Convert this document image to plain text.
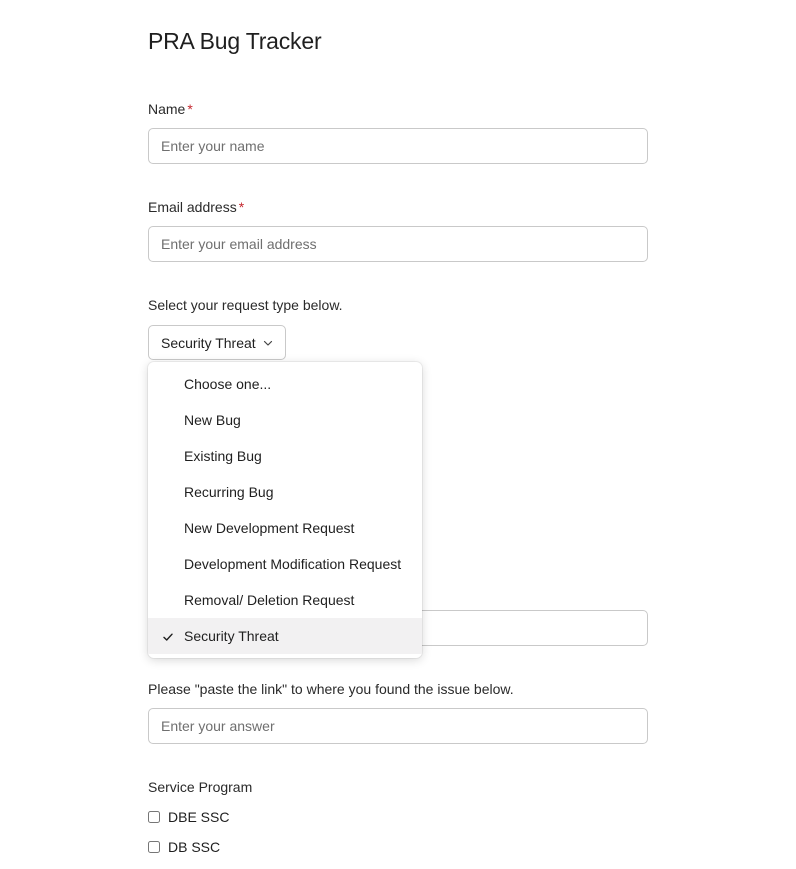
PRA Bug Tracker
Name *
Enter your name
Email address *
Enter your email address
Select your request type below.
Security Threat
Please "paste the link" to where you found the issue below.
Enter your answer
Service Program
DBE SSC
DB SSC
Choose one...
New Bug
Existing Bug
Recurring Bug
New Development Request
Development Modification Request
Removal/ Deletion Request
Security Threat
